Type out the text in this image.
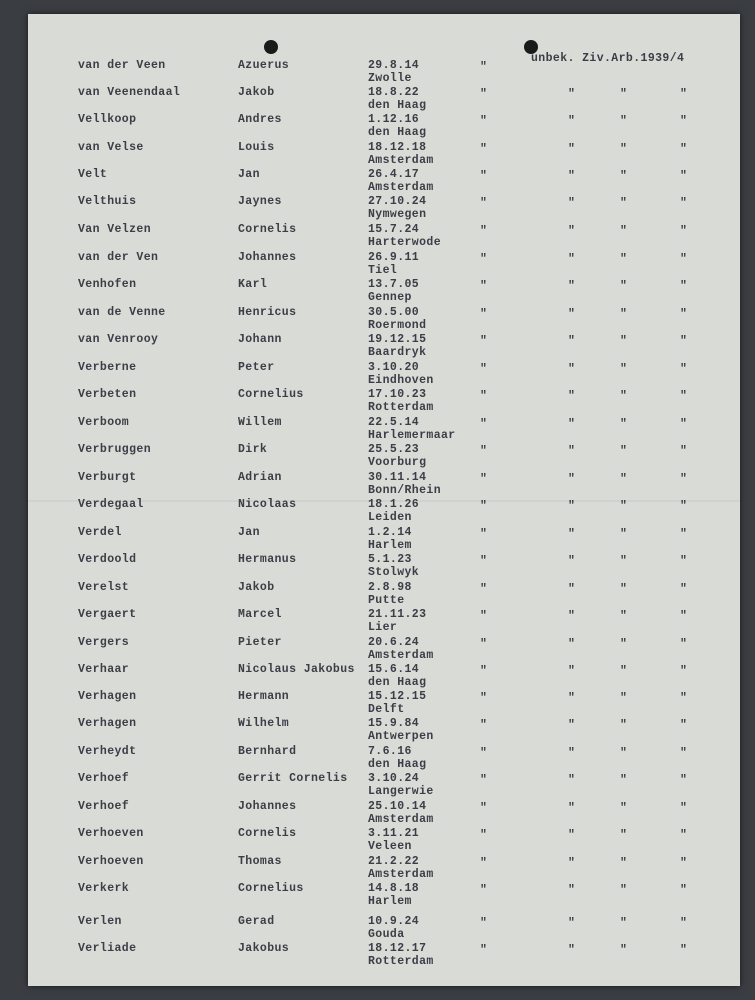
unbek. Ziv.Arb.1939/4
van der Veen	Azuerus	29.8.14	"
Zwolle
van Veenendaal	Jakob	18.8.22	"	"	"	"
den Haag
Vellkoop	Andres	1.12.16	"	"	"	"
den Haag
van Velse	Louis	18.12.18	"	"	"	"
Amsterdam
Velt	Jan	26.4.17	"	"	"	"
Amsterdam
Velthuis	Jaynes	27.10.24	"	"	"	"
Nymwegen
Van Velzen	Cornelis	15.7.24	"	"	"	"
Harterwode
van der Ven	Johannes	26.9.11	"	"	"	"
Tiel
Venhofen	Karl	13.7.05	"	"	"	"
Gennep
van de Venne	Henricus	30.5.00	"	"	"	"
Roermond
van Venrooy	Johann	19.12.15	"	"	"	"
Baardryk
Verberne	Peter	3.10.20	"	"	"	"
Eindhoven
Verbeten	Cornelius	17.10.23	"	"	"	"
Rotterdam
Verboom	Willem	22.5.14	"	"	"	"
Harlemermaar
Verbruggen	Dirk	25.5.23	"	"	"	"
Voorburg
Verburgt	Adrian	30.11.14	"	"	"	"
Bonn/Rhein
Verdegaal	Nicolaas	18.1.26	"	"	"	"
Leiden
Verdel	Jan	1.2.14	"	"	"	"
Harlem
Verdoold	Hermanus	5.1.23	"	"	"	"
Stolwyk
Verelst	Jakob	2.8.98	"	"	"	"
Putte
Vergaert	Marcel	21.11.23	"	"	"	"
Lier
Vergers	Pieter	20.6.24	"	"	"	"
Amsterdam
Verhaar	Nicolaus Jakobus 15.6.14	"	"	"	"
den Haag
Verhagen	Hermann	15.12.15	"	"	"	"
Delft
Verhagen	Wilhelm	15.9.84	"	"	"	"
Antwerpen
Verheydt	Bernhard	7.6.16	"	"	"	"
den Haag
Verhoef	Gerrit Cornelis 3.10.24	"	"	"	"
Langerwie
Verhoef	Johannes	25.10.14	"	"	"	"
Amsterdam
Verhoeven	Cornelis	3.11.21	"	"	"	"
Veleen
Verhoeven	Thomas	21.2.22	"	"	"	"
Amsterdam
Verkerk	Cornelius	14.8.18	"	"	"	"
Harlem
Verlen	Gerad	10.9.24	"	"	"	"
Gouda
Verliade	Jakobus	18.12.17	"	"	"	"
Rotterdam
